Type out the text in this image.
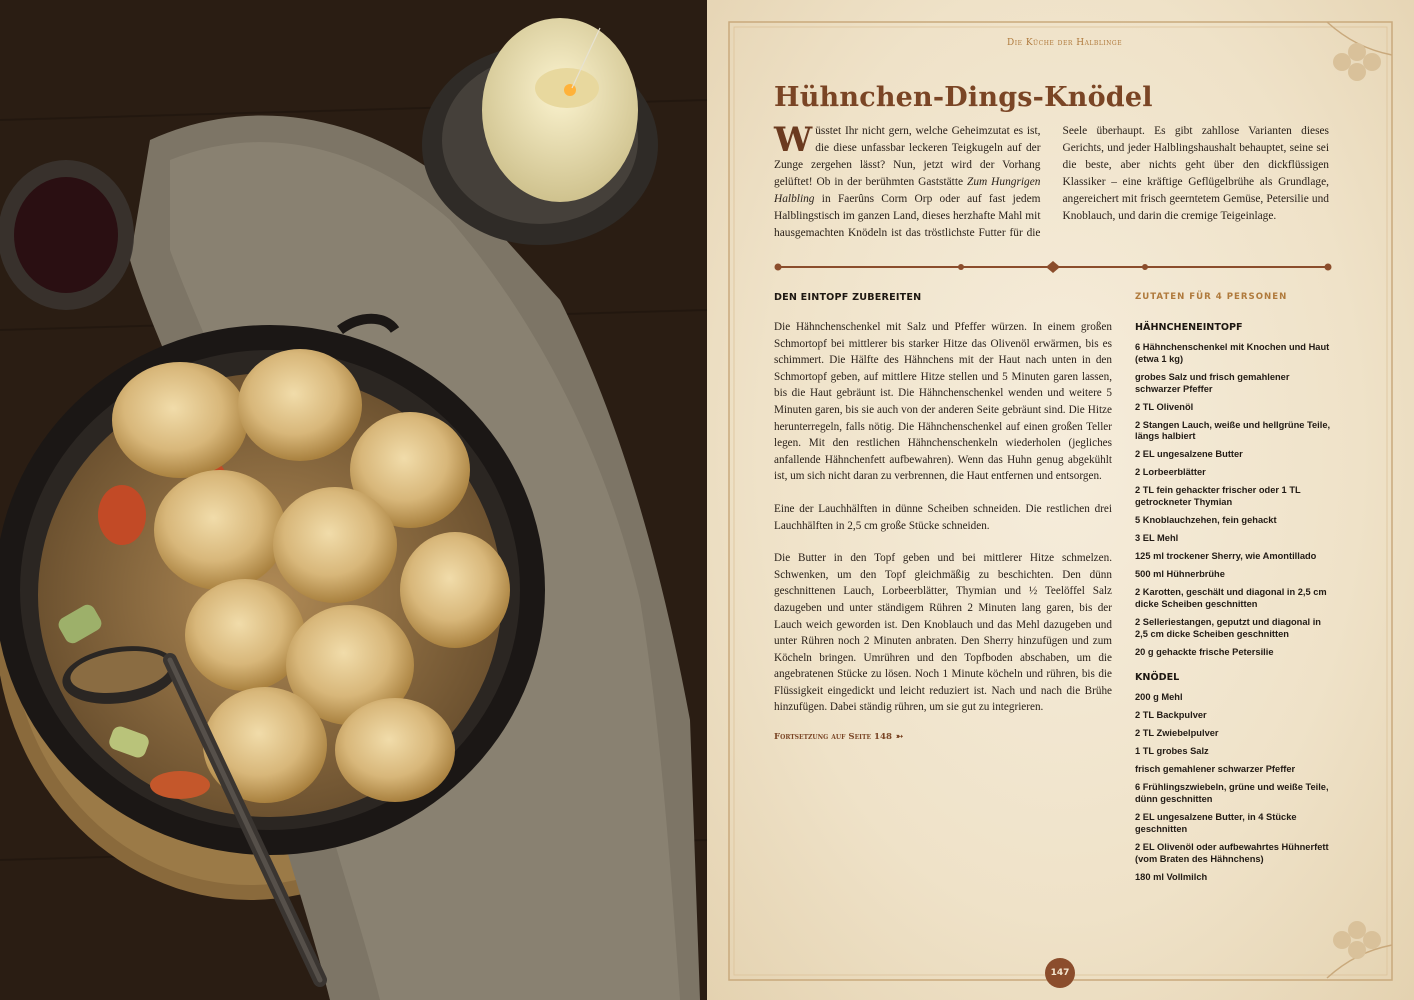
Die Küche der Halblinge
Hühnchen-Dings-Knödel

Wüsstet Ihr nicht gern, welche Geheimzutat es ist, die diese unfassbar leckeren Teigkugeln auf der Zunge zergehen lässt? Nun, jetzt wird der Vorhang gelüftet! Ob in der berühmten Gaststätte Zum Hungrigen Halbling in Faerûns Corm Orp oder auf fast jedem Halblingstisch im ganzen Land, dieses herzhafte Mahl mit hausgemachten Knödeln ist das tröstlichste Futter für die Seele überhaupt. Es gibt zahllose Varianten dieses Gerichts, und jeder Halblingshaushalt behauptet, seine sei die beste, aber nichts geht über den dickflüssigen Klassiker – eine kräftige Geflügelbrühe als Grundlage, angereichert mit frisch geerntetem Gemüse, Petersilie und Knoblauch, und darin die cremige Teigeinlage.

DEN EINTOPF ZUBEREITEN

Die Hähnchenschenkel mit Salz und Pfeffer würzen. In einem großen Schmortopf bei mittlerer bis starker Hitze das Olivenöl erwärmen, bis es schimmert. Die Hälfte des Hähnchens mit der Haut nach unten in den Schmortopf geben, auf mittlere Hitze stellen und 5 Minuten garen lassen, bis die Haut gebräunt ist. Die Hähnchenschenkel wenden und weitere 5 Minuten garen, bis sie auch von der anderen Seite gebräunt sind. Die Hitze herunterregeln, falls nötig. Die Hähnchenschenkel auf einen großen Teller legen. Mit den restlichen Hähnchenschenkeln wiederholen (jegliches anfallende Hähnchenfett aufbewahren). Wenn das Huhn genug abgekühlt ist, um sich nicht daran zu verbrennen, die Haut entfernen und entsorgen.

Eine der Lauchhälften in dünne Scheiben schneiden. Die restlichen drei Lauchhälften in 2,5 cm große Stücke schneiden.

Die Butter in den Topf geben und bei mittlerer Hitze schmelzen. Schwenken, um den Topf gleichmäßig zu beschichten. Den dünn geschnittenen Lauch, Lorbeerblätter, Thymian und ½ Teelöffel Salz dazugeben und unter ständigem Rühren 2 Minuten lang garen, bis der Lauch weich geworden ist. Den Knoblauch und das Mehl dazugeben und unter Rühren noch 2 Minuten anbraten. Den Sherry hinzufügen und zum Köcheln bringen. Umrühren und den Topfboden abschaben, um die angebratenen Stücke zu lösen. Noch 1 Minute köcheln und rühren, bis die Flüssigkeit eingedickt und leicht reduziert ist. Nach und nach die Brühe hinzufügen. Dabei ständig rühren, um sie gut zu integrieren.

Fortsetzung auf Seite 148 ➳
ZUTATEN FÜR 4 PERSONEN
HÄHNCHENEINTOPF
6 Hähnchenschenkel mit Knochen und Haut (etwa 1 kg)
grobes Salz und frisch gemahlener schwarzer Pfeffer
2 TL Olivenöl
2 Stangen Lauch, weiße und hellgrüne Teile, längs halbiert
2 EL ungesalzene Butter
2 Lorbeerblätter
2 TL fein gehackter frischer oder 1 TL getrockneter Thymian
5 Knoblauchzehen, fein gehackt
3 EL Mehl
125 ml trockener Sherry, wie Amontillado
500 ml Hühnerbrühe
2 Karotten, geschält und diagonal in 2,5 cm dicke Scheiben geschnitten
2 Selleriestangen, geputzt und diagonal in 2,5 cm dicke Scheiben geschnitten
20 g gehackte frische Petersilie
KNÖDEL
200 g Mehl
2 TL Backpulver
2 TL Zwiebelpulver
1 TL grobes Salz
frisch gemahlener schwarzer Pfeffer
6 Frühlingszwiebeln, grüne und weiße Teile, dünn geschnitten
2 EL ungesalzene Butter, in 4 Stücke geschnitten
2 EL Olivenöl oder aufbewahrtes Hühnerfett (vom Braten des Hähnchens)
180 ml Vollmilch
147
